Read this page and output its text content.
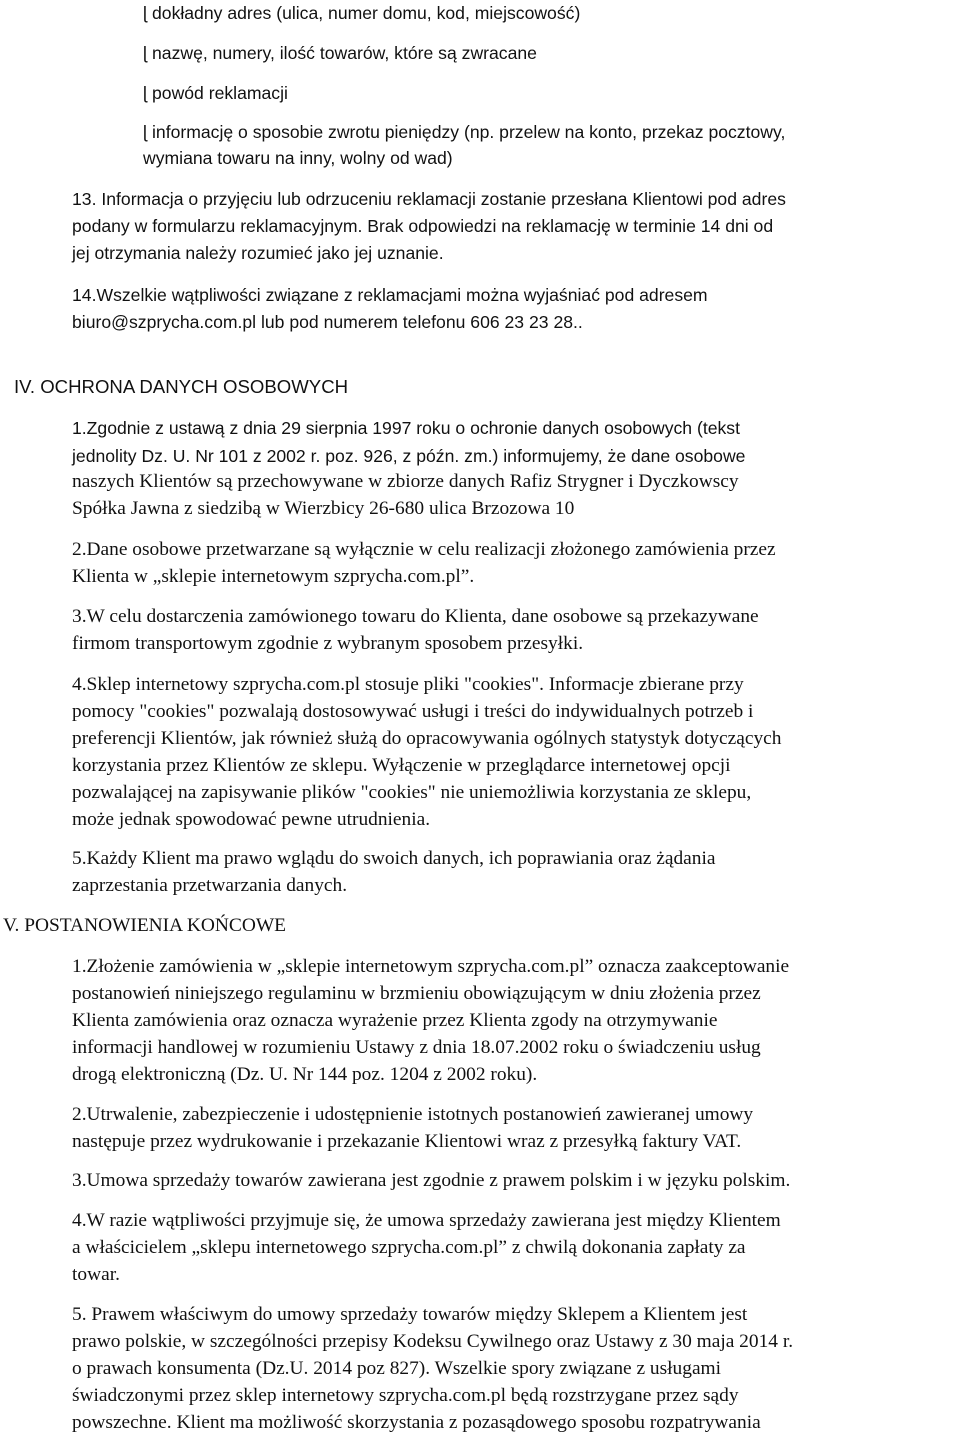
ɭ dokładny adres (ulica, numer domu, kod, miejscowość)

ɭ nazwę, numery, ilość towarów, które są zwracane

ɭ powód reklamacji

ɭ informację o sposobie zwrotu pieniędzy (np. przelew na konto, przekaz pocztowy,

wymiana towaru na inny, wolny od wad)

13. Informacja o przyjęciu lub odrzuceniu reklamacji zostanie przesłana Klientowi pod adres

podany w formularzu reklamacyjnym. Brak odpowiedzi na reklamację w terminie 14 dni od

jej otrzymania należy rozumieć jako jej uznanie.

14.Wszelkie wątpliwości związane z reklamacjami można wyjaśniać pod adresem

biuro@szprycha.com.pl lub pod numerem telefonu 606 23 23 28..

IV. OCHRONA DANYCH OSOBOWYCH

1.Zgodnie z ustawą z dnia 29 sierpnia 1997 roku o ochronie danych osobowych (tekst

jednolity Dz. U. Nr 101 z 2002 r. poz. 926, z późn. zm.) informujemy, że dane osobowe

naszych Klientów są przechowywane w zbiorze danych Rafiz Strygner i Dyczkowscy

Spółka Jawna z siedzibą w Wierzbicy 26-680 ulica Brzozowa 10

2.Dane osobowe przetwarzane są wyłącznie w celu realizacji złożonego zamówienia przez

Klienta w „sklepie internetowym szprycha.com.pl”.

3.W celu dostarczenia zamówionego towaru do Klienta, dane osobowe są przekazywane

firmom transportowym zgodnie z wybranym sposobem przesyłki.

4.Sklep internetowy szprycha.com.pl stosuje pliki "cookies". Informacje zbierane przy

pomocy "cookies" pozwalają dostosowywać usługi i treści do indywidualnych potrzeb i

preferencji Klientów, jak również służą do opracowywania ogólnych statystyk dotyczących

korzystania przez Klientów ze sklepu. Wyłączenie w przeglądarce internetowej opcji

pozwalającej na zapisywanie plików "cookies" nie uniemożliwia korzystania ze sklepu,

może jednak spowodować pewne utrudnienia.

5.Każdy Klient ma prawo wglądu do swoich danych, ich poprawiania oraz żądania

zaprzestania przetwarzania danych.

V. POSTANOWIENIA KOŃCOWE

1.Złożenie zamówienia w „sklepie internetowym szprycha.com.pl” oznacza zaakceptowanie

postanowień niniejszego regulaminu w brzmieniu obowiązującym w dniu złożenia przez

Klienta zamówienia oraz oznacza wyrażenie przez Klienta zgody na otrzymywanie

informacji handlowej w rozumieniu Ustawy z dnia 18.07.2002 roku o świadczeniu usług

drogą elektroniczną (Dz. U. Nr 144 poz. 1204 z 2002 roku).

2.Utrwalenie, zabezpieczenie i udostępnienie istotnych postanowień zawieranej umowy

następuje przez wydrukowanie i przekazanie Klientowi wraz z przesyłką faktury VAT.

3.Umowa sprzedaży towarów zawierana jest zgodnie z prawem polskim i w języku polskim.

4.W razie wątpliwości przyjmuje się, że umowa sprzedaży zawierana jest między Klientem

a właścicielem „sklepu internetowego szprycha.com.pl” z chwilą dokonania zapłaty za

towar.

5. Prawem właściwym do umowy sprzedaży towarów między Sklepem a Klientem jest

prawo polskie, w szczególności przepisy Kodeksu Cywilnego oraz Ustawy z 30 maja 2014 r.

o prawach konsumenta (Dz.U. 2014 poz 827). Wszelkie spory związane z usługami

świadczonymi przez sklep internetowy szprycha.com.pl będą rozstrzygane przez sądy

powszechne. Klient ma możliwość skorzystania z pozasądowego sposobu rozpatrywania
